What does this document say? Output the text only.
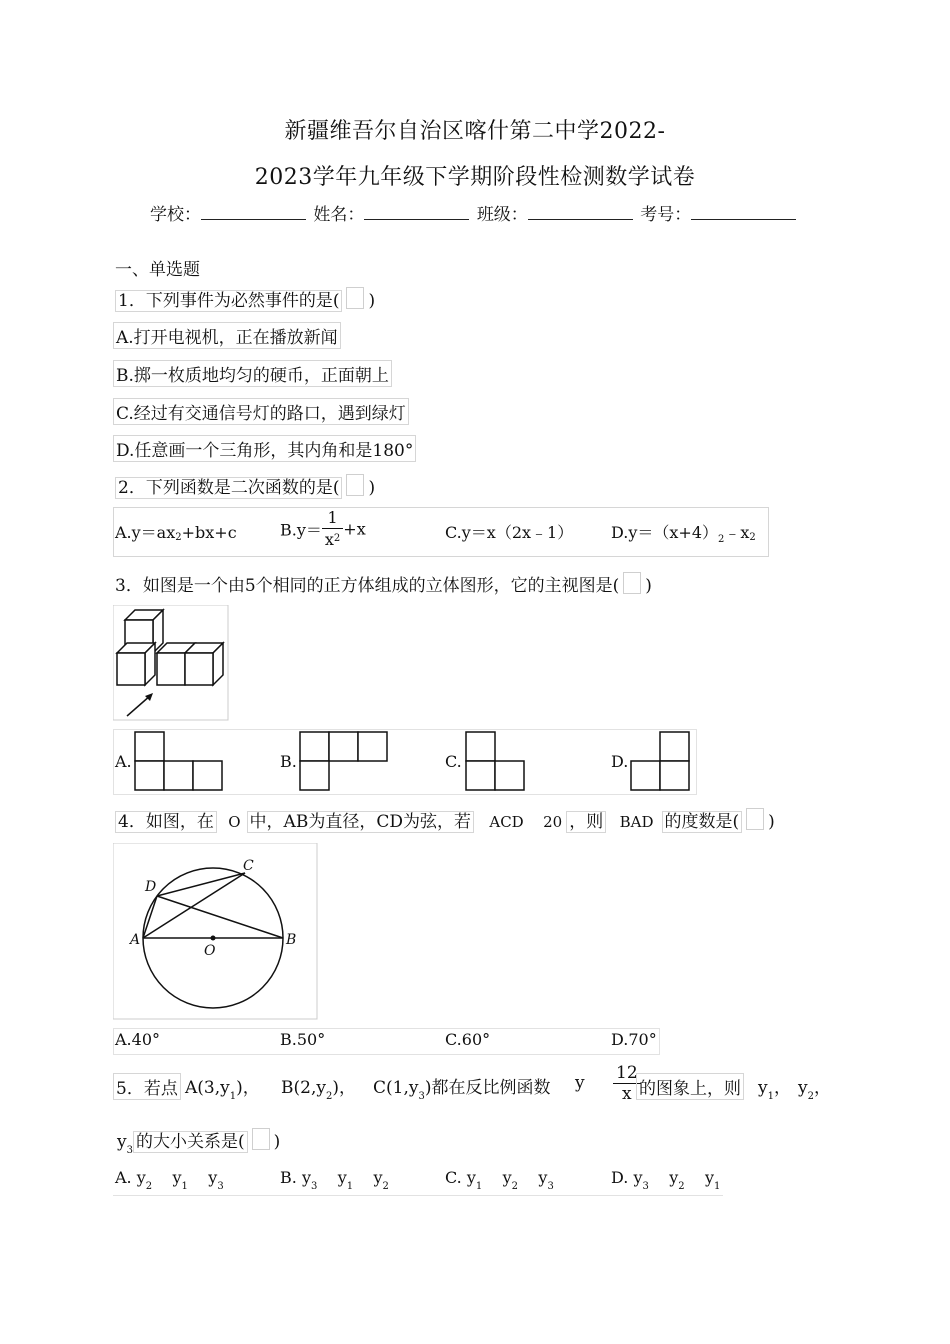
新疆维吾尔自治区喀什第二中学2022-
2023学年九年级下学期阶段性检测数学试卷
学校：	姓名：	班级：	考号：
一、单选题
1．下列事件为必然事件的是( )
A.打开电视机，正在播放新闻
B.掷一枚质地均匀的硬币，正面朝上
C.经过有交通信号灯的路口，遇到绿灯
D.任意画一个三角形，其内角和是180°
2．下列函数是二次函数的是( )
$A.y=ax_2+bx+c$	$B.y= \frac{1}{x^2} +x$	C.y＝x（2x﹣1） $D.y=(x+4)_2﹣x_2$
3．如图是一个由5个相同的正方体组成的立体图形，它的主视图是( )
A.	B.	C.	D.
4．如图，在 O 中，AB为直径，CD为弦，若 ACD 20 ，则 BAD 的度数是( )
A	B
C
D
O
A.40°	B.50°	C.60°	D.70°
5．若点 $A(3,y_1)$， $B(2,y_2)$， $C(1,y_3)$都在反比例函数 y $\frac{12}{x}$
的图象上，则 $y_1$， $y_2$，
$y_3$ 的大小关系是( )
A. $y_2$ $y_1$ $y_3$	B. $y_3$ $y_1$ $y_2$	C. $y_1$ $y_2$ $y_3$	D. $y_3$ $y_2$ $y_1$
